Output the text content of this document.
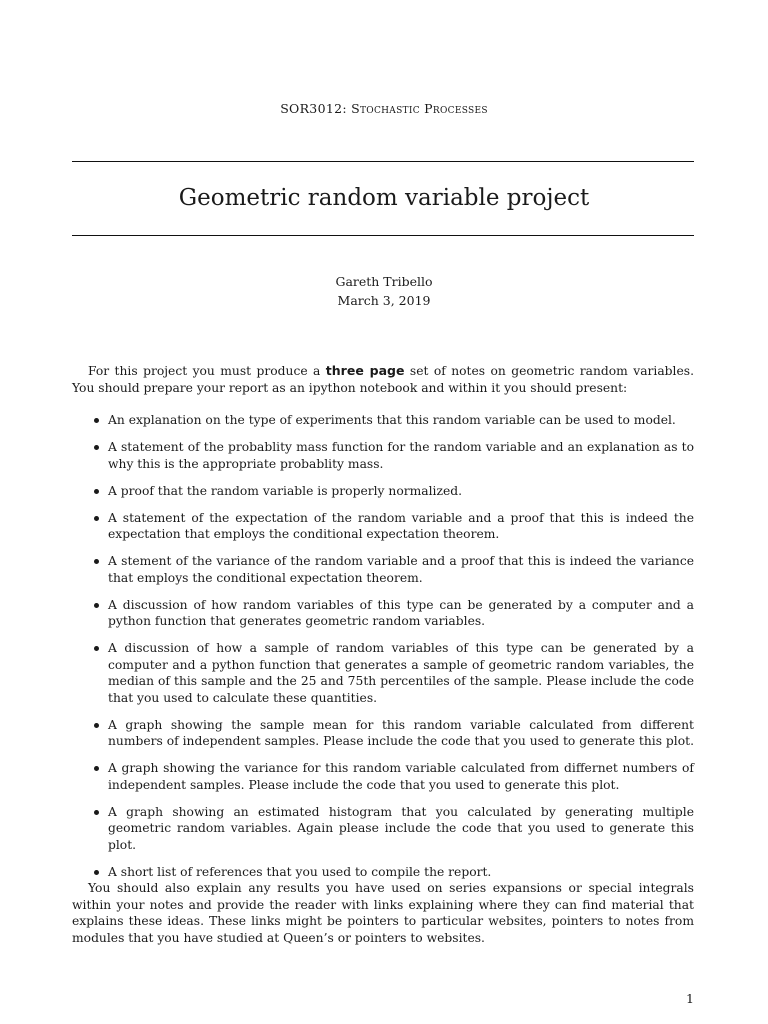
SOR3012: Stochastic Processes
Geometric random variable project
Gareth Tribello
March 3, 2019

For this project you must produce a three page set of notes on geometric random variables. You should prepare your report as an ipython notebook and within it you should present:

An explanation on the type of experiments that this random variable can be used to model.
A statement of the probablity mass function for the random variable and an explanation as to why this is the appropriate probablity mass.
A proof that the random variable is properly normalized.
A statement of the expectation of the random variable and a proof that this is indeed the expectation that employs the conditional expectation theorem.
A stement of the variance of the random variable and a proof that this is indeed the variance that employs the conditional expectation theorem.
A discussion of how random variables of this type can be generated by a computer and a python function that generates geometric random variables.
A discussion of how a sample of random variables of this type can be generated by a computer and a python function that generates a sample of geometric random variables, the median of this sample and the 25 and 75th percentiles of the sample. Please include the code that you used to calculate these quantities.
A graph showing the sample mean for this random variable calculated from different numbers of independent samples. Please include the code that you used to generate this plot.
A graph showing the variance for this random variable calculated from differnet numbers of independent samples. Please include the code that you used to generate this plot.
A graph showing an estimated histogram that you calculated by generating multiple geometric random variables. Again please include the code that you used to generate this plot.
A short list of references that you used to compile the report.

You should also explain any results you have used on series expansions or special integrals within your notes and provide the reader with links explaining where they can find material that explains these ideas. These links might be pointers to particular websites, pointers to notes from modules that you have studied at Queen’s or pointers to websites.

1
